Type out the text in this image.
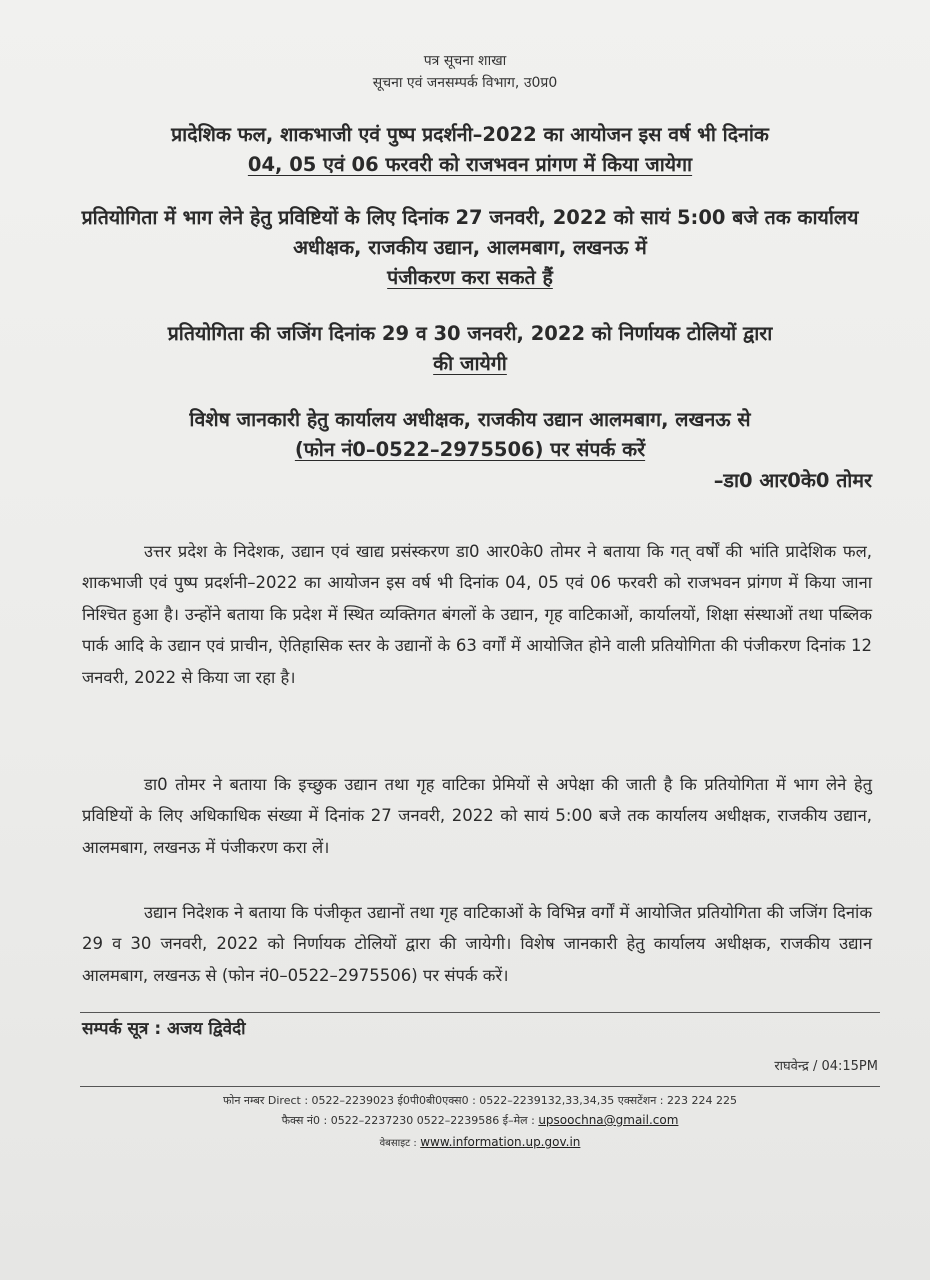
पत्र सूचना शाखा
सूचना एवं जनसम्पर्क विभाग, उ0प्र0
प्रादेशिक फल, शाकभाजी एवं पुष्प प्रदर्शनी–2022 का आयोजन इस वर्ष भी दिनांक
04, 05 एवं 06 फरवरी को राजभवन प्रांगण में किया जायेगा
प्रतियोगिता में भाग लेने हेतु प्रविष्टियों के लिए दिनांक 27 जनवरी, 2022 को सायं 5:00 बजे तक कार्यालय अधीक्षक, राजकीय उद्यान, आलमबाग, लखनऊ में
पंजीकरण करा सकते हैं
प्रतियोगिता की जजिंग दिनांक 29 व 30 जनवरी, 2022 को निर्णायक टोलियों द्वारा
की जायेगी
विशेष जानकारी हेतु कार्यालय अधीक्षक, राजकीय उद्यान आलमबाग, लखनऊ से
(फोन नं0–0522–2975506) पर संपर्क करें
–डा0 आर0के0 तोमर

उत्तर प्रदेश के निदेशक, उद्यान एवं खाद्य प्रसंस्करण डा0 आर0के0 तोमर ने बताया कि गत् वर्षों की भांति प्रादेशिक फल, शाकभाजी एवं पुष्प प्रदर्शनी–2022 का आयोजन इस वर्ष भी दिनांक 04, 05 एवं 06 फरवरी को राजभवन प्रांगण में किया जाना निश्चित हुआ है। उन्होंने बताया कि प्रदेश में स्थित व्यक्तिगत बंगलों के उद्यान, गृह वाटिकाओं, कार्यालयों, शिक्षा संस्थाओं तथा पब्लिक पार्क आदि के उद्यान एवं प्राचीन, ऐतिहासिक स्तर के उद्यानों के 63 वर्गों में आयोजित होने वाली प्रतियोगिता की पंजीकरण दिनांक 12 जनवरी, 2022 से किया जा रहा है।

डा0 तोमर ने बताया कि इच्छुक उद्यान तथा गृह वाटिका प्रेमियों से अपेक्षा की जाती है कि प्रतियोगिता में भाग लेने हेतु प्रविष्टियों के लिए अधिकाधिक संख्या में दिनांक 27 जनवरी, 2022 को सायं 5:00 बजे तक कार्यालय अधीक्षक, राजकीय उद्यान, आलमबाग, लखनऊ में पंजीकरण करा लें।

उद्यान निदेशक ने बताया कि पंजीकृत उद्यानों तथा गृह वाटिकाओं के विभिन्न वर्गों में आयोजित प्रतियोगिता की जजिंग दिनांक 29 व 30 जनवरी, 2022 को निर्णायक टोलियों द्वारा की जायेगी। विशेष जानकारी हेतु कार्यालय अधीक्षक, राजकीय उद्यान आलमबाग, लखनऊ से (फोन नं0–0522–2975506) पर संपर्क करें।

सम्पर्क सूत्र : अजय द्विवेदी
राघवेन्द्र / 04:15PM
फोन नम्बर Direct : 0522–2239023 ई0पी0बी0एक्स0 : 0522–2239132,33,34,35 एक्सटेंशन : 223 224 225
फैक्स नं0 : 0522–2237230 0522–2239586 ई–मेल : upsoochna@gmail.com
वेबसाइट : www.information.up.gov.in
